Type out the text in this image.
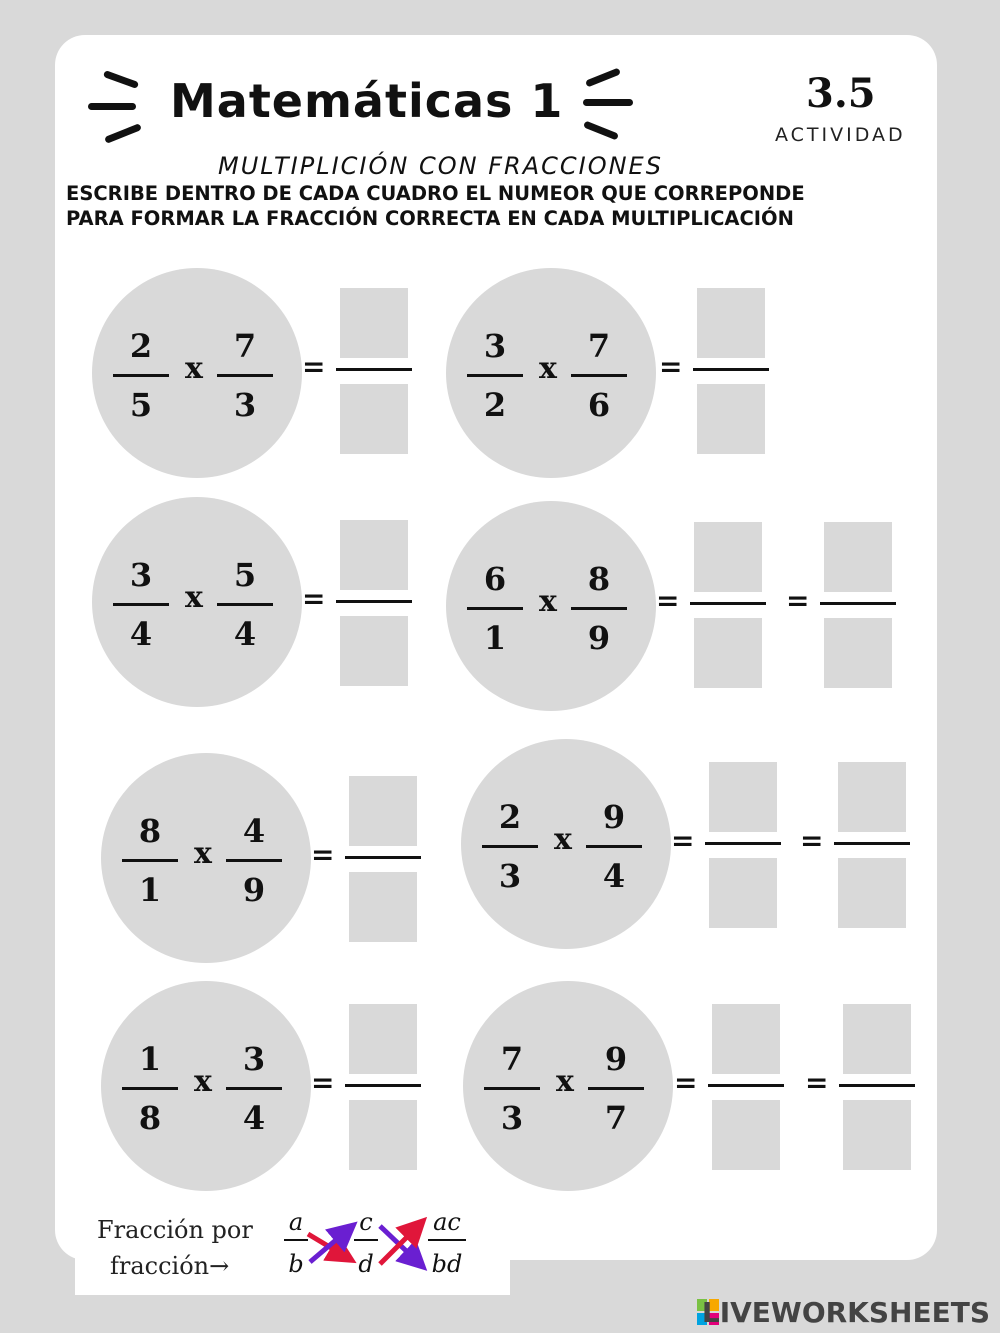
Matemáticas 1	3.5
ACTIVIDAD
MULTIPLICIÓN CON FRACCIONES
ESCRIBE DENTRO DE CADA CUADRO EL NUMEOR QUE CORREPONDE
PARA FORMAR LA FRACCIÓN CORRECTA EN CADA MULTIPLICACIÓN
2
5
x
7
3
=
3
2
x
7
6
=
3
4
x
5
4
=
6
1
x
8
9
=	=
8
1
x
4
9
=
2
3
x
9
4
=	=
1
8
x
3
4
=
7
3
x
9
7
=	=
Fracción por
fracción→
a
b
c
d
ac
bd
LIVEWORKSHEETS
